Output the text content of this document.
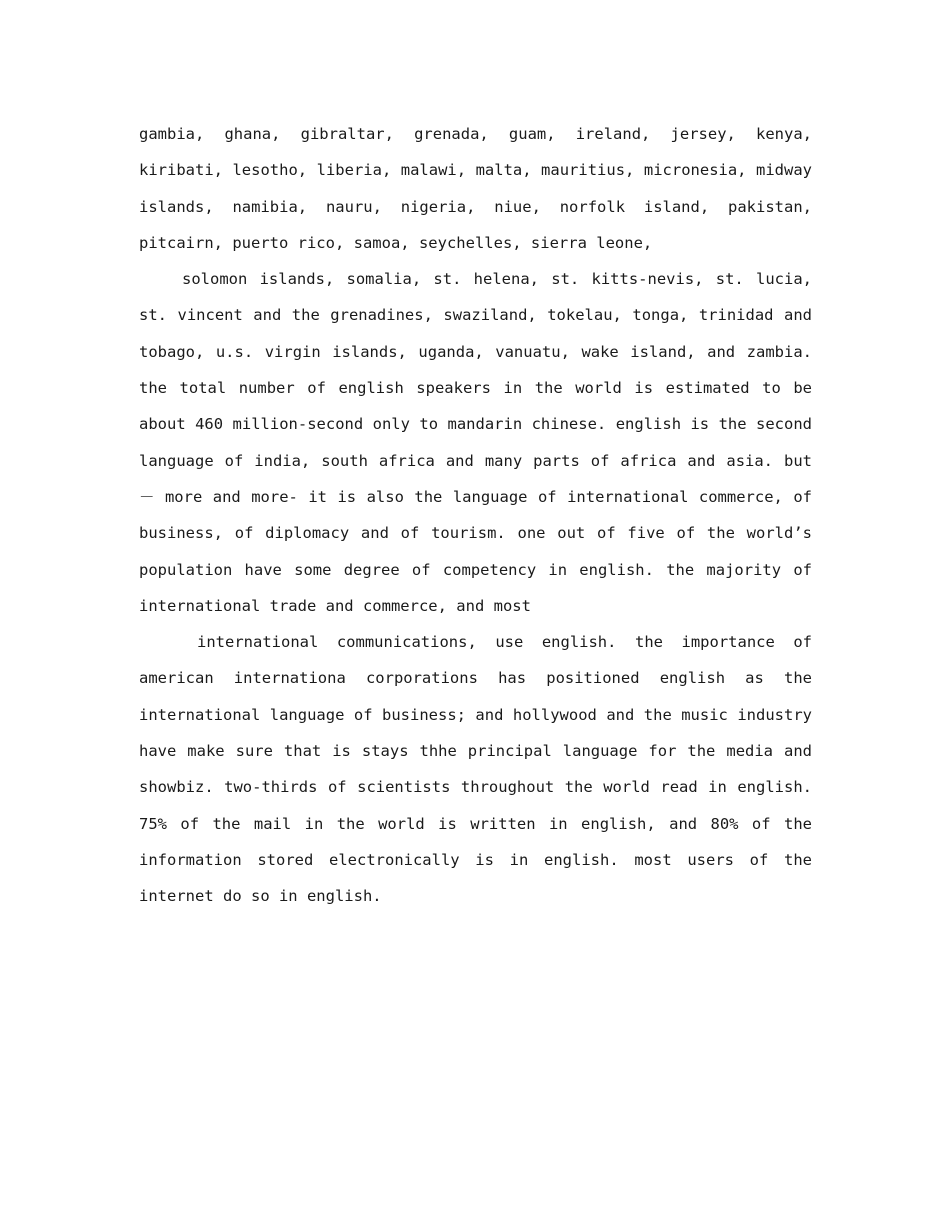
gambia, ghana, gibraltar, grenada, guam, ireland, jersey, kenya, kiribati, lesotho, liberia, malawi, malta, mauritius, micronesia, midway islands, namibia, nauru, nigeria, niue, norfolk island, pakistan, pitcairn, puerto rico, samoa, seychelles, sierra leone,

solomon islands, somalia, st. helena, st. kitts-nevis, st. lucia, st. vincent and the grenadines, swaziland, tokelau, tonga, trinidad and tobago, u.s. virgin islands, uganda, vanuatu, wake island, and zambia. the total number of english speakers in the world is estimated to be about 460 million-second only to mandarin chinese. english is the second language of india, south africa and many parts of africa and asia. but － more and more- it is also the language of international commerce, of business, of diplomacy and of tourism. one out of five of the world’s population have some degree of competency in english. the majority of international trade and commerce, and most

international communications, use english. the importance of american internationa corporations has positioned english as the international language of business; and hollywood and the music industry have make sure that is stays thhe principal language for the media and showbiz. two-thirds of scientists throughout the world read in english. 75% of the mail in the world is written in english, and 80% of the information stored electronically is in english. most users of the internet do so in english.
